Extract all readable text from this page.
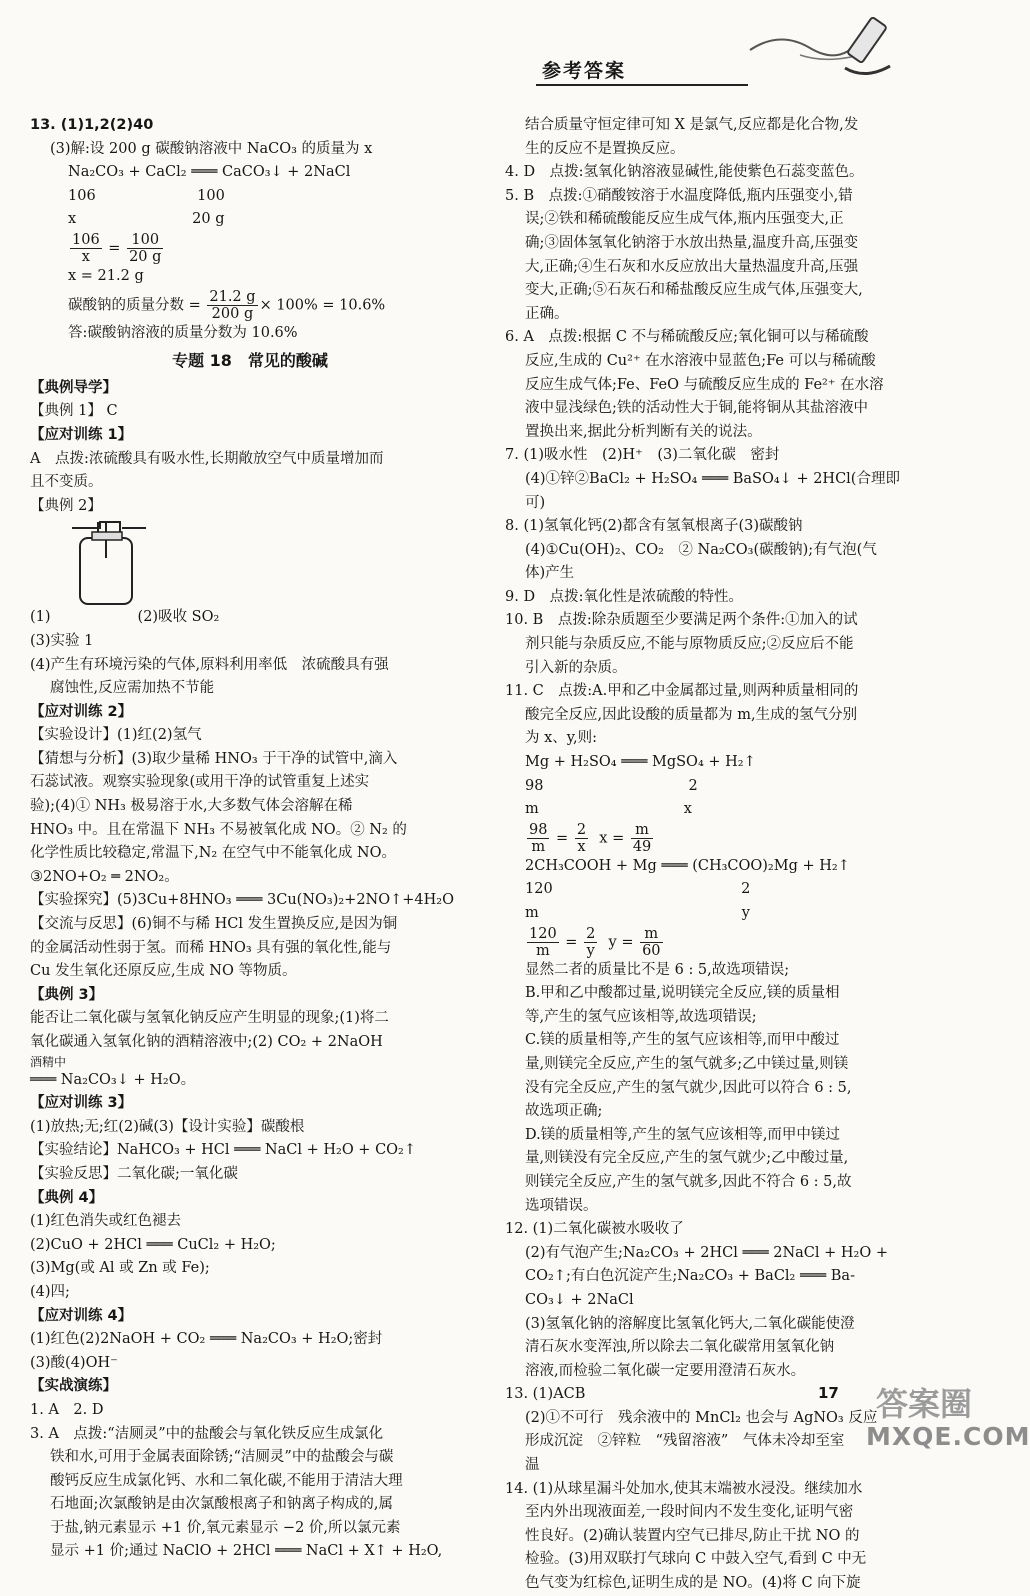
参考答案
13. (1)1,2(2)40
(3)解:设 200 g 碳酸钠溶液中 NaCO₃ 的质量为 x
Na₂CO₃ + CaCl₂ ═══ CaCO₃↓ + 2NaCl
106　　　　　　　100
x　　　　　　　　20 g
$\frac{106}{x} = \frac{100}{20 g}$
x = 21.2 g
碳酸钠的质量分数 = $\frac{21.2 g}{200 g} \times 100\% = 10.6\%$
答:碳酸钠溶液的质量分数为 10.6%
专题 18　常见的酸碱
【典例导学】
【典例 1】 C
【应对训练 1】
A　点拨:浓硫酸具有吸水性,长期敞放空气中质量增加而
且不变质。
【典例 2】
(1)　　　　　　(2)吸收 SO₂
(3)实验 1
(4)产生有环境污染的气体,原料利用率低　浓硫酸具有强
腐蚀性,反应需加热不节能
【应对训练 2】
【实验设计】(1)红(2)氢气
【猜想与分析】(3)取少量稀 HNO₃ 于干净的试管中,滴入
石蕊试液。观察实验现象(或用干净的试管重复上述实
验);(4)① NH₃ 极易溶于水,大多数气体会溶解在稀
HNO₃ 中。且在常温下 NH₃ 不易被氧化成 NO。② N₂ 的
化学性质比较稳定,常温下,N₂ 在空气中不能氧化成 NO。
③2NO+O₂ ═ 2NO₂。
【实验探究】(5)3Cu+8HNO₃ ═══ 3Cu(NO₃)₂+2NO↑+4H₂O
【交流与反思】(6)铜不与稀 HCl 发生置换反应,是因为铜
的金属活动性弱于氢。而稀 HNO₃ 具有强的氧化性,能与
Cu 发生氧化还原反应,生成 NO 等物质。
【典例 3】
能否让二氧化碳与氢氧化钠反应产生明显的现象;(1)将二
氧化碳通入氢氧化钠的酒精溶液中;(2) CO₂ + 2NaOH
酒精中
═══ Na₂CO₃↓ + H₂O。
【应对训练 3】
(1)放热;无;红(2)碱(3)【设计实验】碳酸根
【实验结论】NaHCO₃ + HCl ═══ NaCl + H₂O + CO₂↑
【实验反思】二氧化碳;一氧化碳
【典例 4】
(1)红色消失或红色褪去
(2)CuO + 2HCl ═══ CuCl₂ + H₂O;
(3)Mg(或 Al 或 Zn 或 Fe);
(4)四;
【应对训练 4】
(1)红色(2)2NaOH + CO₂ ═══ Na₂CO₃ + H₂O;密封
(3)酸(4)OH⁻
【实战演练】
1. A　2. D
3. A　点拨:“洁厕灵”中的盐酸会与氧化铁反应生成氯化
铁和水,可用于金属表面除锈;“洁厕灵”中的盐酸会与碳
酸钙反应生成氯化钙、水和二氧化碳,不能用于清洁大理
石地面;次氯酸钠是由次氯酸根离子和钠离子构成的,属
于盐,钠元素显示 +1 价,氧元素显示 −2 价,所以氯元素
显示 +1 价;通过 NaClO + 2HCl ═══ NaCl + X↑ + H₂O,
结合质量守恒定律可知 X 是氯气,反应都是化合物,发
生的反应不是置换反应。
4. D　点拨:氢氧化钠溶液显碱性,能使紫色石蕊变蓝色。
5. B　点拨:①硝酸铵溶于水温度降低,瓶内压强变小,错
误;②铁和稀硫酸能反应生成气体,瓶内压强变大,正
确;③固体氢氧化钠溶于水放出热量,温度升高,压强变
大,正确;④生石灰和水反应放出大量热温度升高,压强
变大,正确;⑤石灰石和稀盐酸反应生成气体,压强变大,
正确。
6. A　点拨:根据 C 不与稀硫酸反应;氧化铜可以与稀硫酸
反应,生成的 Cu²⁺ 在水溶液中显蓝色;Fe 可以与稀硫酸
反应生成气体;Fe、FeO 与硫酸反应生成的 Fe²⁺ 在水溶
液中显浅绿色;铁的活动性大于铜,能将铜从其盐溶液中
置换出来,据此分析判断有关的说法。
7. (1)吸水性　(2)H⁺　(3)二氧化碳　密封
(4)①锌②BaCl₂ + H₂SO₄ ═══ BaSO₄↓ + 2HCl(合理即
可)
8. (1)氢氧化钙(2)都含有氢氧根离子(3)碳酸钠
(4)①Cu(OH)₂、CO₂　② Na₂CO₃(碳酸钠);有气泡(气
体)产生
9. D　点拨:氧化性是浓硫酸的特性。
10. B　点拨:除杂质题至少要满足两个条件:①加入的试
剂只能与杂质反应,不能与原物质反应;②反应后不能
引入新的杂质。
11. C　点拨:A.甲和乙中金属都过量,则两种质量相同的
酸完全反应,因此设酸的质量都为 m,生成的氢气分别
为 x、y,则:
Mg + H₂SO₄ ═══ MgSO₄ + H₂↑
98　　　　　　　　　　2
m　　　　　　　　　　x
$\frac{98}{m} = \frac{2}{x}$ $x = \frac{m}{49}$
2CH₃COOH + Mg ═══ (CH₃COO)₂Mg + H₂↑
120　　　　　　　　　　　　　2
m　　　　　　　　　　　　　　y
$\frac{120}{m} = \frac{2}{y}$ $y = \frac{m}{60}$
显然二者的质量比不是 6 : 5,故选项错误;
B.甲和乙中酸都过量,说明镁完全反应,镁的质量相
等,产生的氢气应该相等,故选项错误;
C.镁的质量相等,产生的氢气应该相等,而甲中酸过
量,则镁完全反应,产生的氢气就多;乙中镁过量,则镁
没有完全反应,产生的氢气就少,因此可以符合 6 : 5,
故选项正确;
D.镁的质量相等,产生的氢气应该相等,而甲中镁过
量,则镁没有完全反应,产生的氢气就少;乙中酸过量,
则镁完全反应,产生的氢气就多,因此不符合 6 : 5,故
选项错误。
12. (1)二氧化碳被水吸收了
(2)有气泡产生;Na₂CO₃ + 2HCl ═══ 2NaCl + H₂O +
CO₂↑;有白色沉淀产生;Na₂CO₃ + BaCl₂ ═══ Ba-
CO₃↓ + 2NaCl
(3)氢氧化钠的溶解度比氢氧化钙大,二氧化碳能使澄
清石灰水变浑浊,所以除去二氧化碳常用氢氧化钠
溶液,而检验二氧化碳一定要用澄清石灰水。
13. (1)ACB
(2)①不可行　残余液中的 MnCl₂ 也会与 AgNO₃ 反应
形成沉淀　②锌粒　“残留溶液”　气体未冷却至室
温
14. (1)从球星漏斗处加水,使其末端被水浸没。继续加水
至内外出现液面差,一段时间内不发生变化,证明气密
性良好。(2)确认装置内空气已排尽,防止干扰 NO 的
检验。(3)用双联打气球向 C 中鼓入空气,看到 C 中无
色气变为红棕色,证明生成的是 NO。(4)将 C 向下旋
17 答案圈
MXQE.COM
